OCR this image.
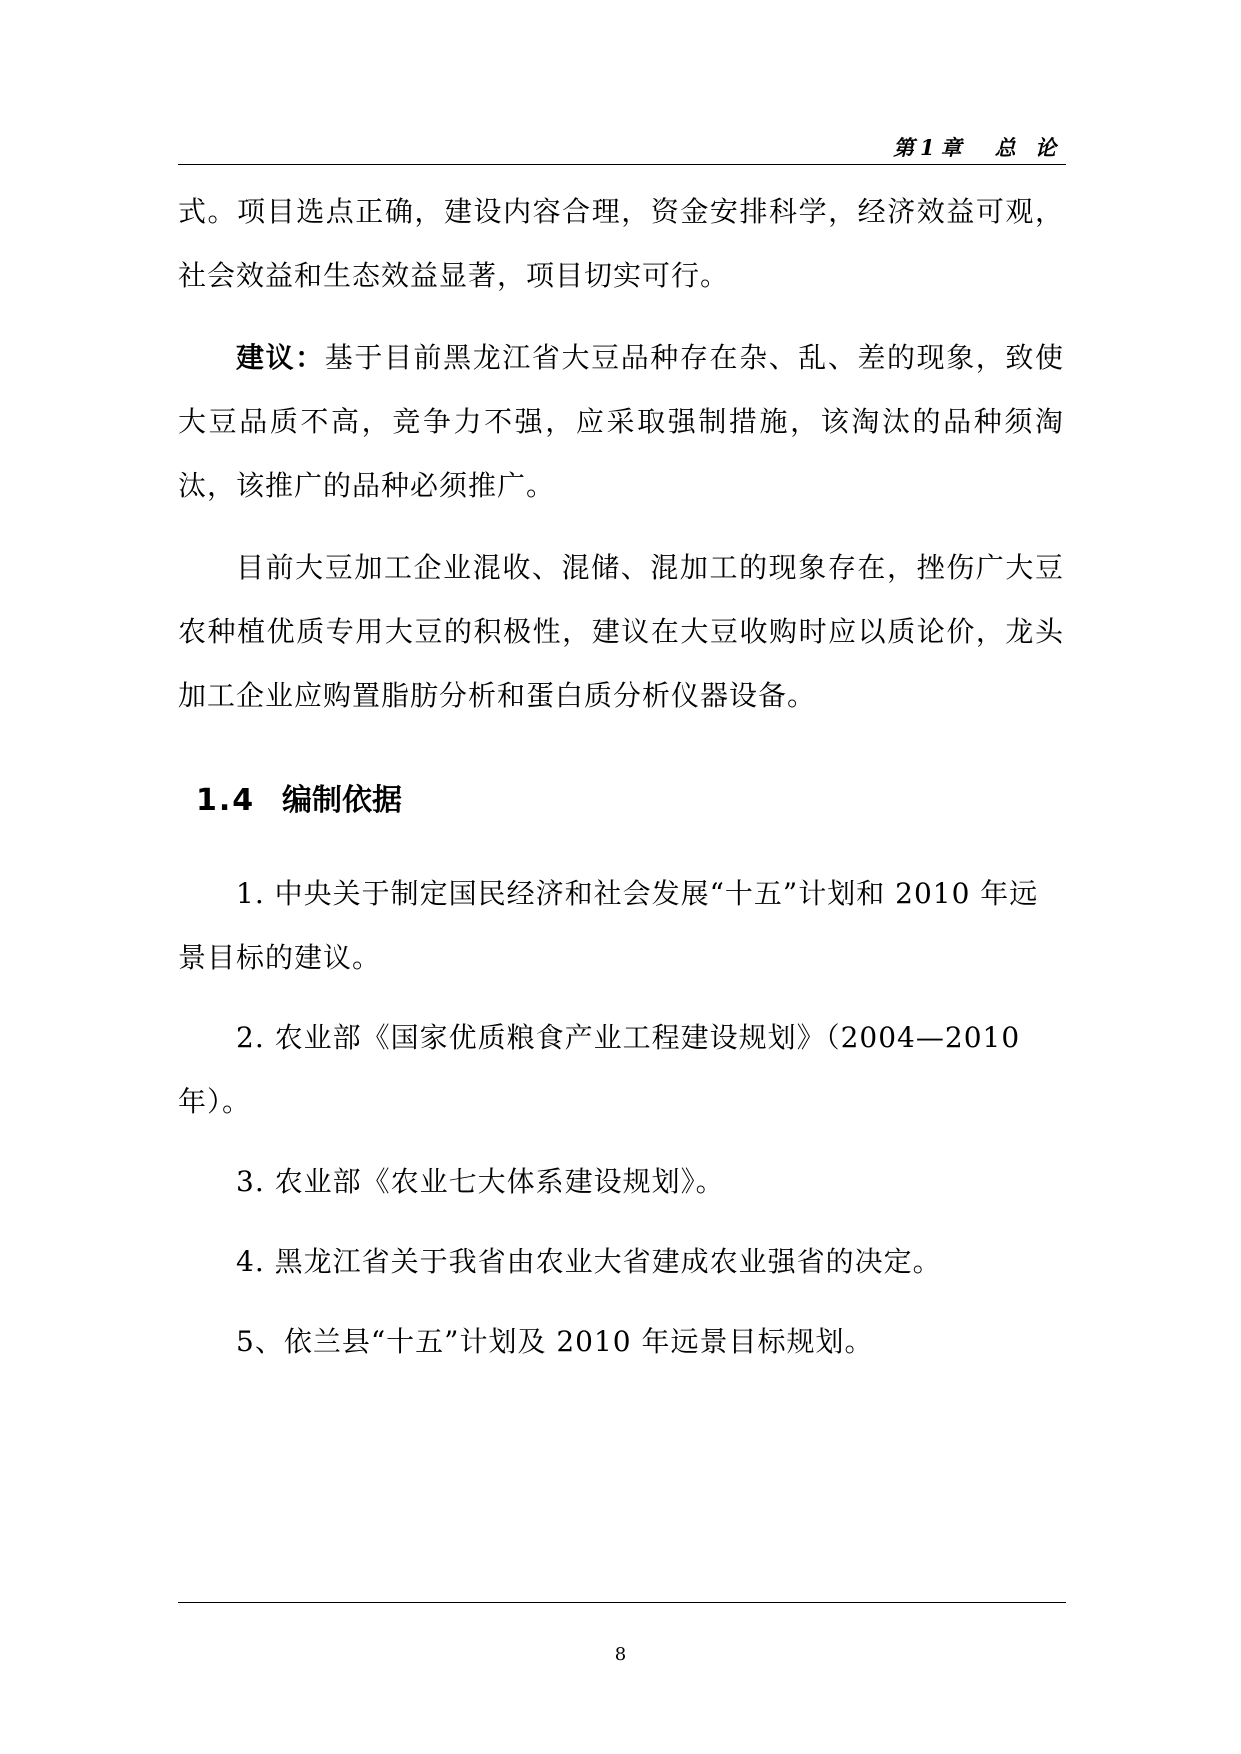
第1章　总 论

式。项目选点正确，建设内容合理，资金安排科学，经济效益可观，社会效益和生态效益显著，项目切实可行。

建议：基于目前黑龙江省大豆品种存在杂、乱、差的现象，致使大豆品质不高，竞争力不强，应采取强制措施，该淘汰的品种须淘汰，该推广的品种必须推广。

目前大豆加工企业混收、混储、混加工的现象存在，挫伤广大豆农种植优质专用大豆的积极性，建议在大豆收购时应以质论价，龙头加工企业应购置脂肪分析和蛋白质分析仪器设备。

1.4 编制依据

1. 中央关于制定国民经济和社会发展“十五”计划和 2010 年远景目标的建议。

2. 农业部《国家优质粮食产业工程建设规划》（2004—2010 年）。

3. 农业部《农业七大体系建设规划》。

4. 黑龙江省关于我省由农业大省建成农业强省的决定。

5、依兰县“十五”计划及 2010 年远景目标规划。

8
